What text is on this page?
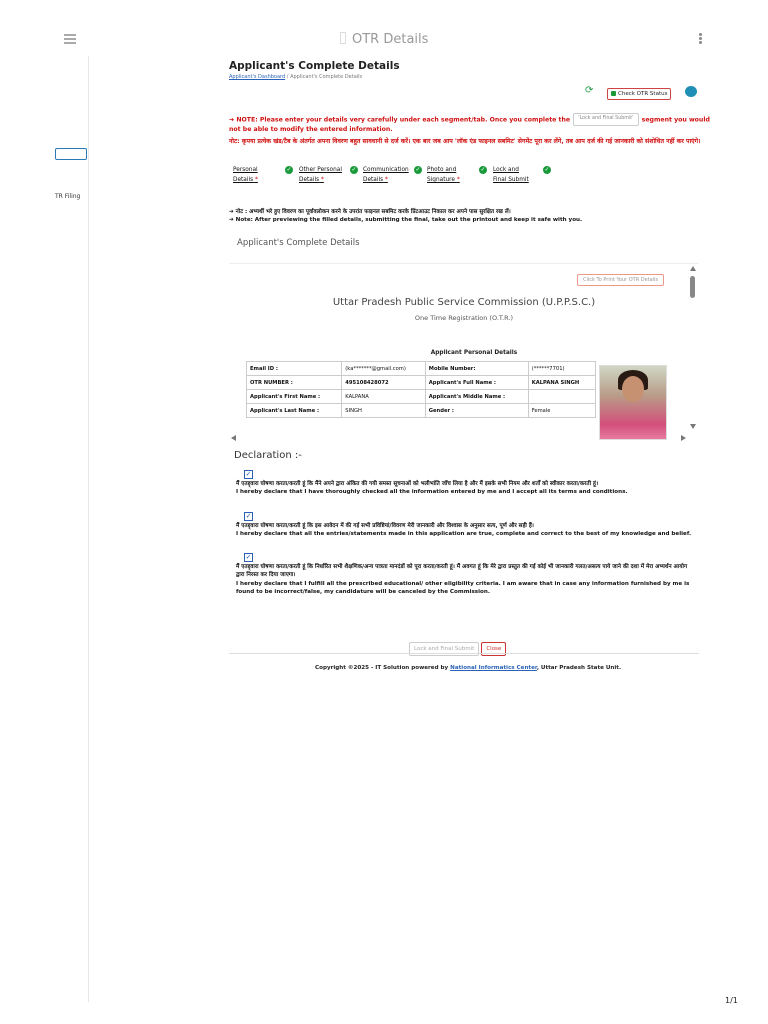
OTR Details
TR Filing
Applicant's Complete Details
Applicant's Dashboard / Applicant's Complete Details
⟳	Check OTR Status
➔ NOTE: Please enter your details very carefully under each segment/tab. Once you complete the 'Lock and Final Submit' segment you would not be able to modify the entered information.
नोट: कृपया प्रत्येक खंड/टैब के अंतर्गत अपना विवरण बहुत सावधानी से दर्ज करें। एक बार जब आप 'लॉक एंड फाइनल सबमिट' सेगमेंट पूरा कर लेंगे, तब आप दर्ज की गई जानकारी को संशोधित नहीं कर पाएंगे।
Personal
Details *
✓ Other Personal
Details *
✓ Communication
Details *
✓ Photo and
Signature *
✓ Lock and
Final Submit
✓
➔ नोट : अभ्यर्थी भरे हुए विवरण का पूर्वावलोकन करने के उपरांत फाइनल सबमिट करके प्रिंटआउट निकाल कर अपने पास सुरक्षित रख लें।
➔ Note: After previewing the filled details, submitting the final, take out the printout and keep it safe with you.
Applicant's Complete Details
Click To Print Your OTR Details
Uttar Pradesh Public Service Commission (U.P.P.S.C.)
One Time Registration (O.T.R.)
Applicant Personal Details
Email ID :	(ka*******@gmail.com)	Mobile Number:	(******7701)
OTR NUMBER :	495108428072	Applicant's Full Name :	KALPANA SINGH
Applicant's First Name :	KALPANA	Applicant's Middle Name :	
Applicant's Last Name :	SINGH	Gender :	Female
Declaration :-
✓
मैं एतद्द्वारा घोषणा करता/करती हूं कि मैंने अपने द्वारा अंकित की गयी समस्त सूचनाओं को भलीभांति जाँच लिया है और मैं इसके सभी नियम और शर्तों को स्वीकार करता/करती हूं।
I hereby declare that I have thoroughly checked all the information entered by me and I accept all its terms and conditions.
✓
मैं एतद्द्वारा घोषणा करता/करती हूं कि इस आवेदन में की गई सभी प्रविष्टियां/विवरण मेरी जानकारी और विश्वास के अनुसार सत्य, पूर्ण और सही हैं।
I hereby declare that all the entries/statements made in this application are true, complete and correct to the best of my knowledge and belief.
✓
मैं एतद्द्वारा घोषणा करता/करती हूं कि निर्धारित सभी शैक्षणिक/अन्य पात्रता मानदंडों को पूरा करता/करती हूं। मैं अवगत हूं कि मेरे द्वारा प्रस्तुत की गई कोई भी जानकारी गलत/असत्य पाये जाने की दशा में मेरा अभ्यर्थन आयोग द्वारा निरस्त कर दिया जाएगा।
I hereby declare that I fulfill all the prescribed educational/ other eligibility criteria. I am aware that in case any information furnished by me is found to be incorrect/false, my candidature will be canceled by the Commission.
Lock and Final Submit Close
Copyright ©2025 - IT Solution powered by National Informatics Center, Uttar Pradesh State Unit.
1/1
